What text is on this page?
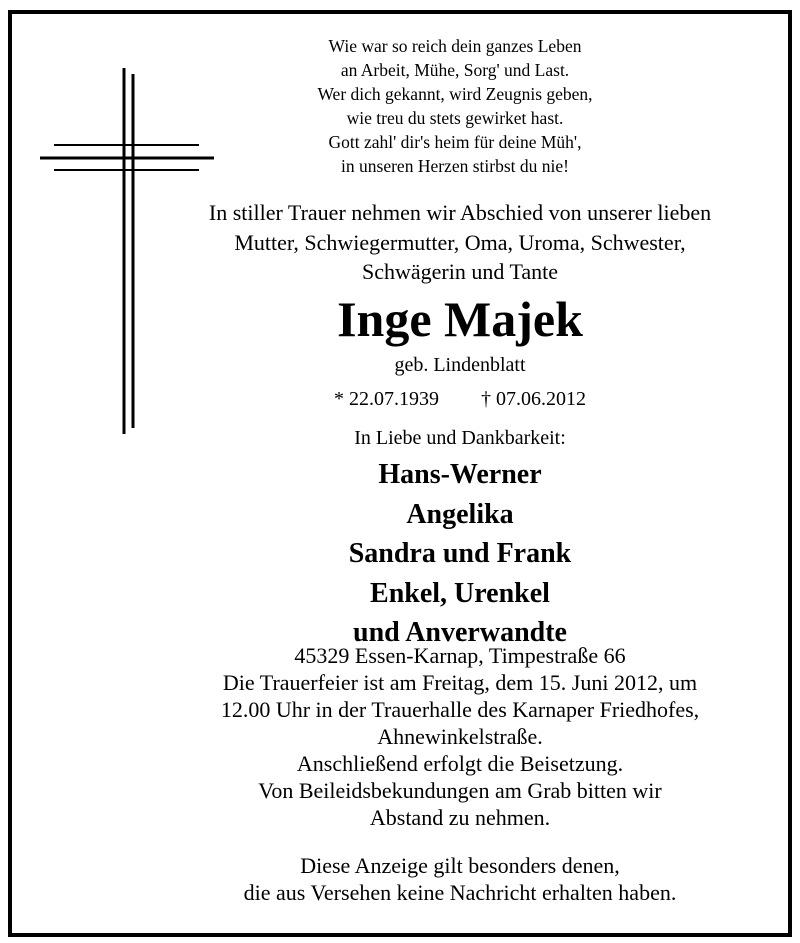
Wie war so reich dein ganzes Leben
an Arbeit, Mühe, Sorg' und Last.
Wer dich gekannt, wird Zeugnis geben,
wie treu du stets gewirket hast.
Gott zahl' dir's heim für deine Müh',
in unseren Herzen stirbst du nie!
In stiller Trauer nehmen wir Abschied von unserer lieben
Mutter, Schwiegermutter, Oma, Uroma, Schwester,
Schwägerin und Tante
Inge Majek
geb. Lindenblatt
* 22.07.1939 † 07.06.2012
In Liebe und Dankbarkeit:
Hans-Werner
Angelika
Sandra und Frank
Enkel, Urenkel
und Anverwandte
45329 Essen-Karnap, Timpestraße 66
Die Trauerfeier ist am Freitag, dem 15. Juni 2012, um
12.00 Uhr in der Trauerhalle des Karnaper Friedhofes,
Ahnewinkelstraße.
Anschließend erfolgt die Beisetzung.
Von Beileidsbekundungen am Grab bitten wir
Abstand zu nehmen.
Diese Anzeige gilt besonders denen,
die aus Versehen keine Nachricht erhalten haben.
